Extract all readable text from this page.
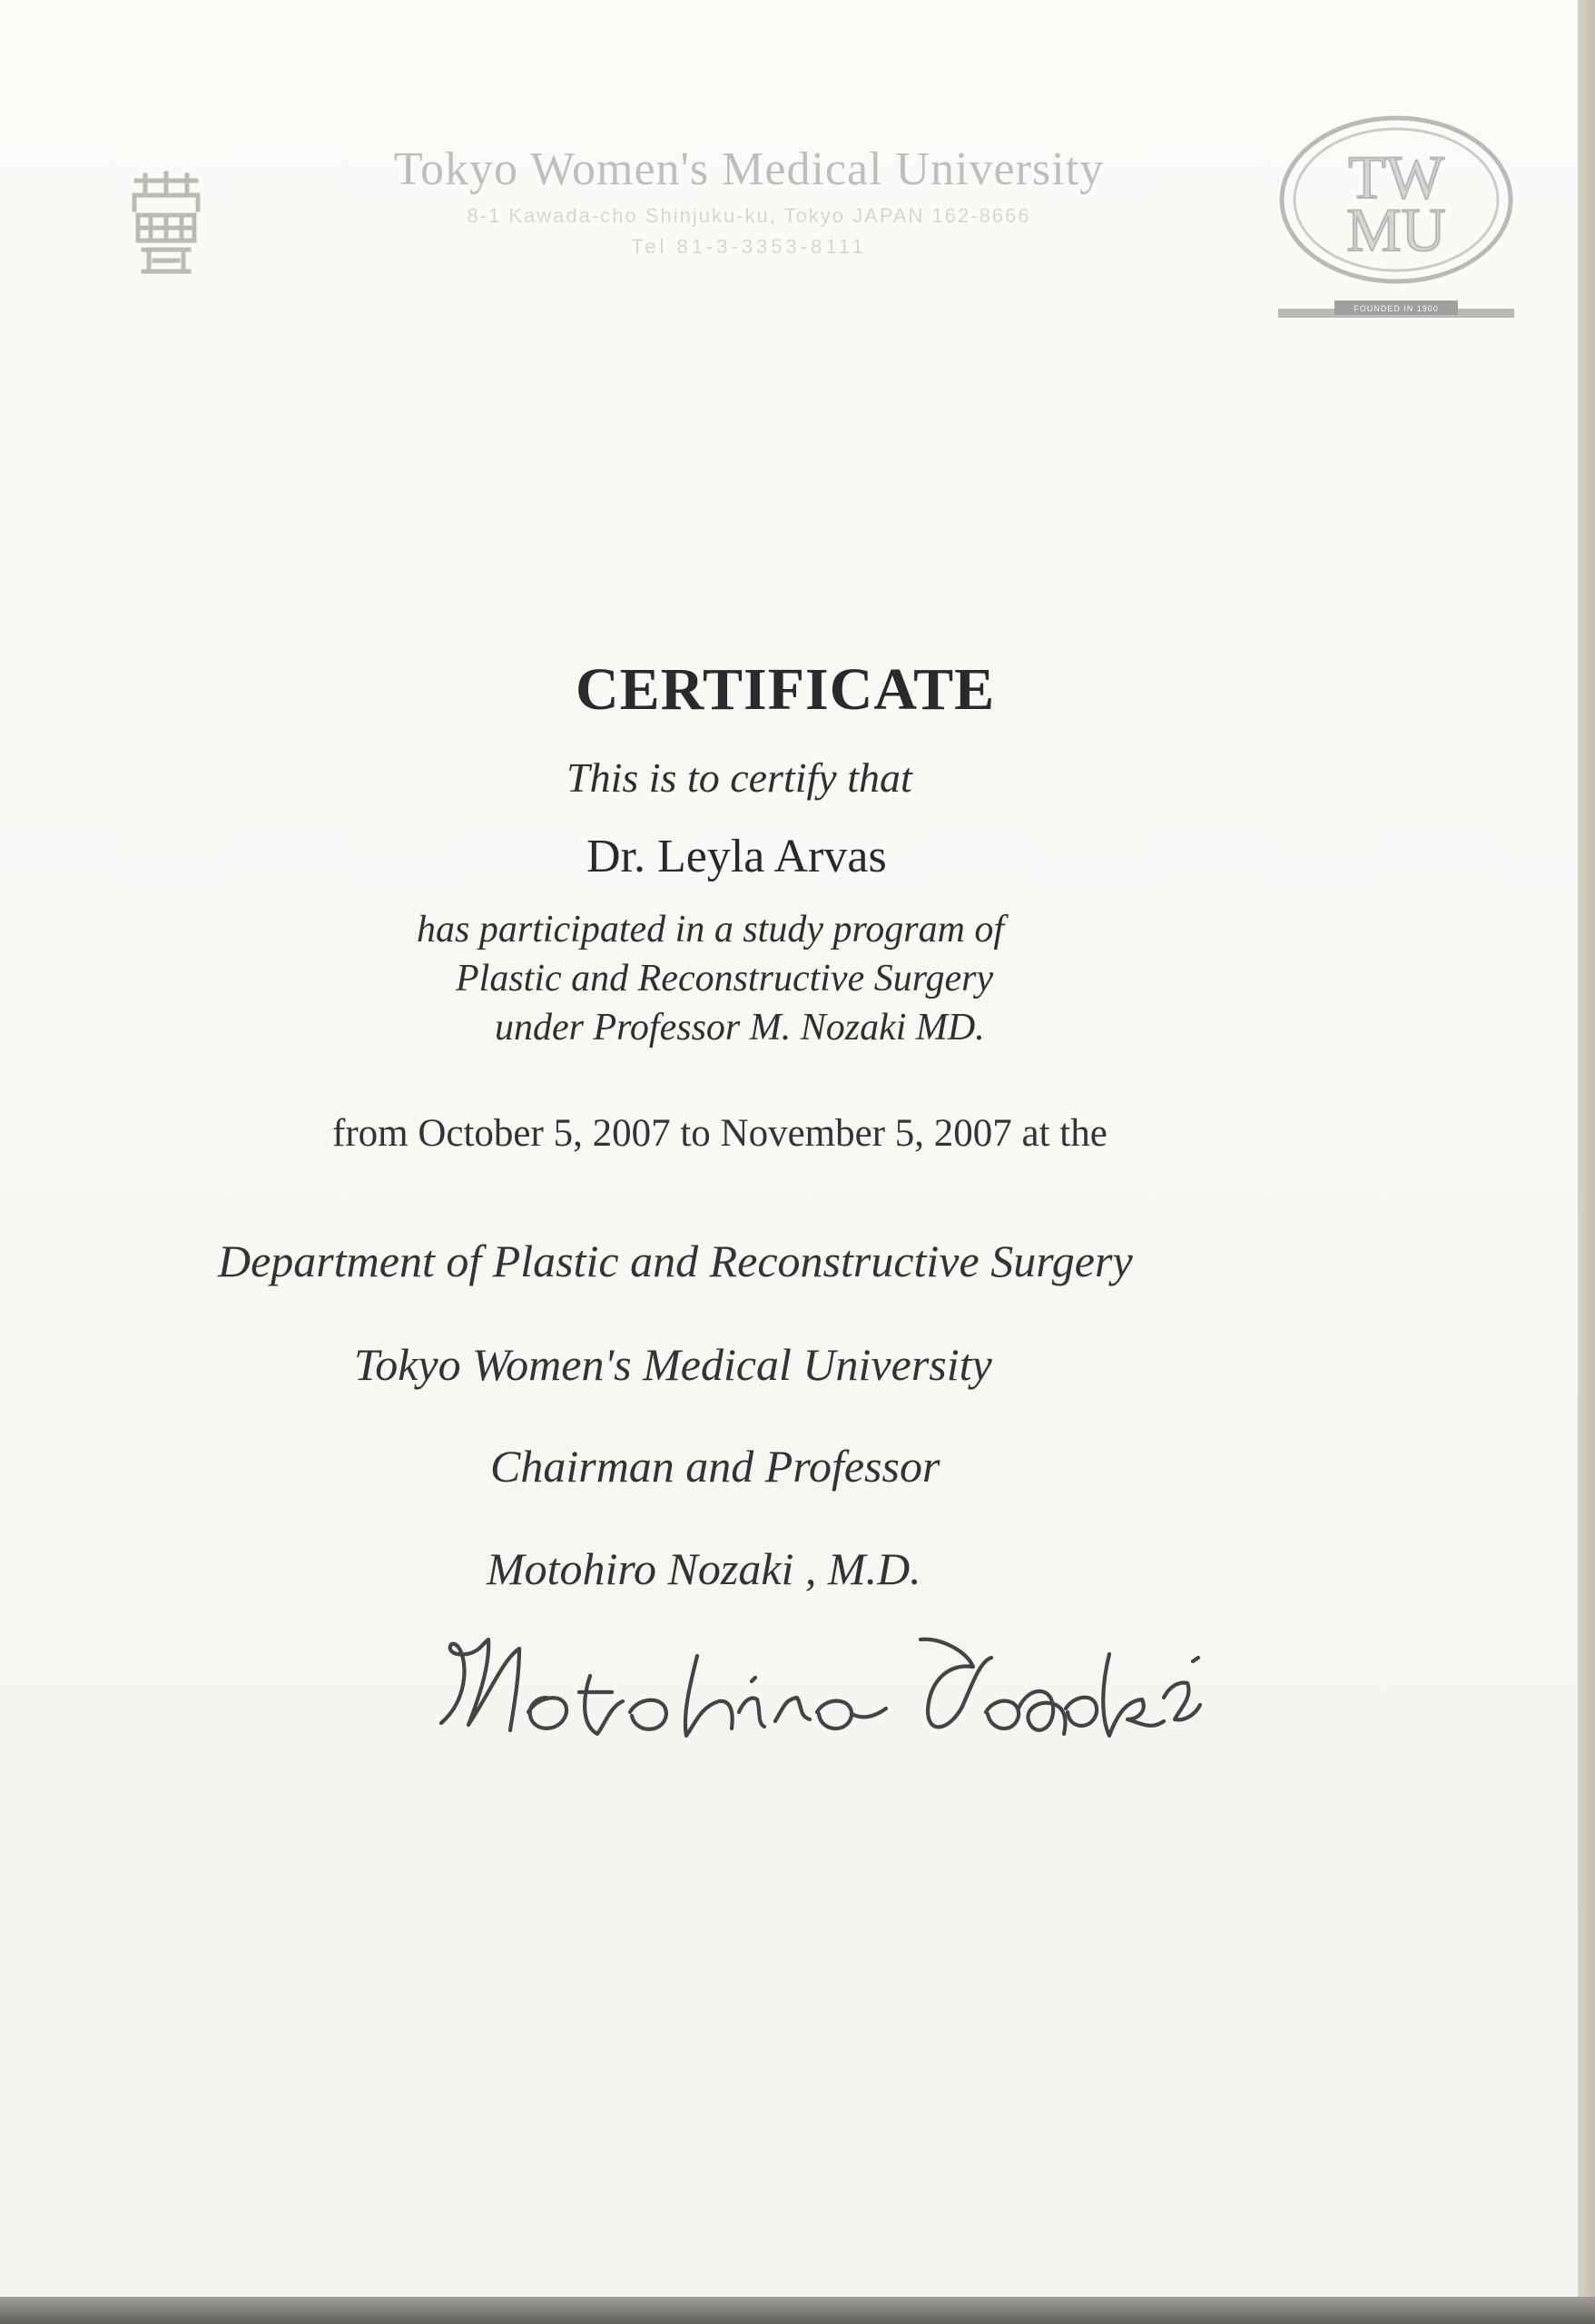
Tokyo Women's Medical University
8-1 Kawada-cho Shinjuku-ku, Tokyo JAPAN 162-8666
Tel 81-3-3353-8111
TW
MU
FOUNDED IN 1900
CERTIFICATE
This is to certify that
Dr. Leyla Arvas
has participated in a study program of
Plastic and Reconstructive Surgery
under Professor M. Nozaki MD.
from October 5, 2007 to November 5, 2007 at the
Department of Plastic and Reconstructive Surgery
Tokyo Women's Medical University
Chairman and Professor
Motohiro Nozaki , M.D.
